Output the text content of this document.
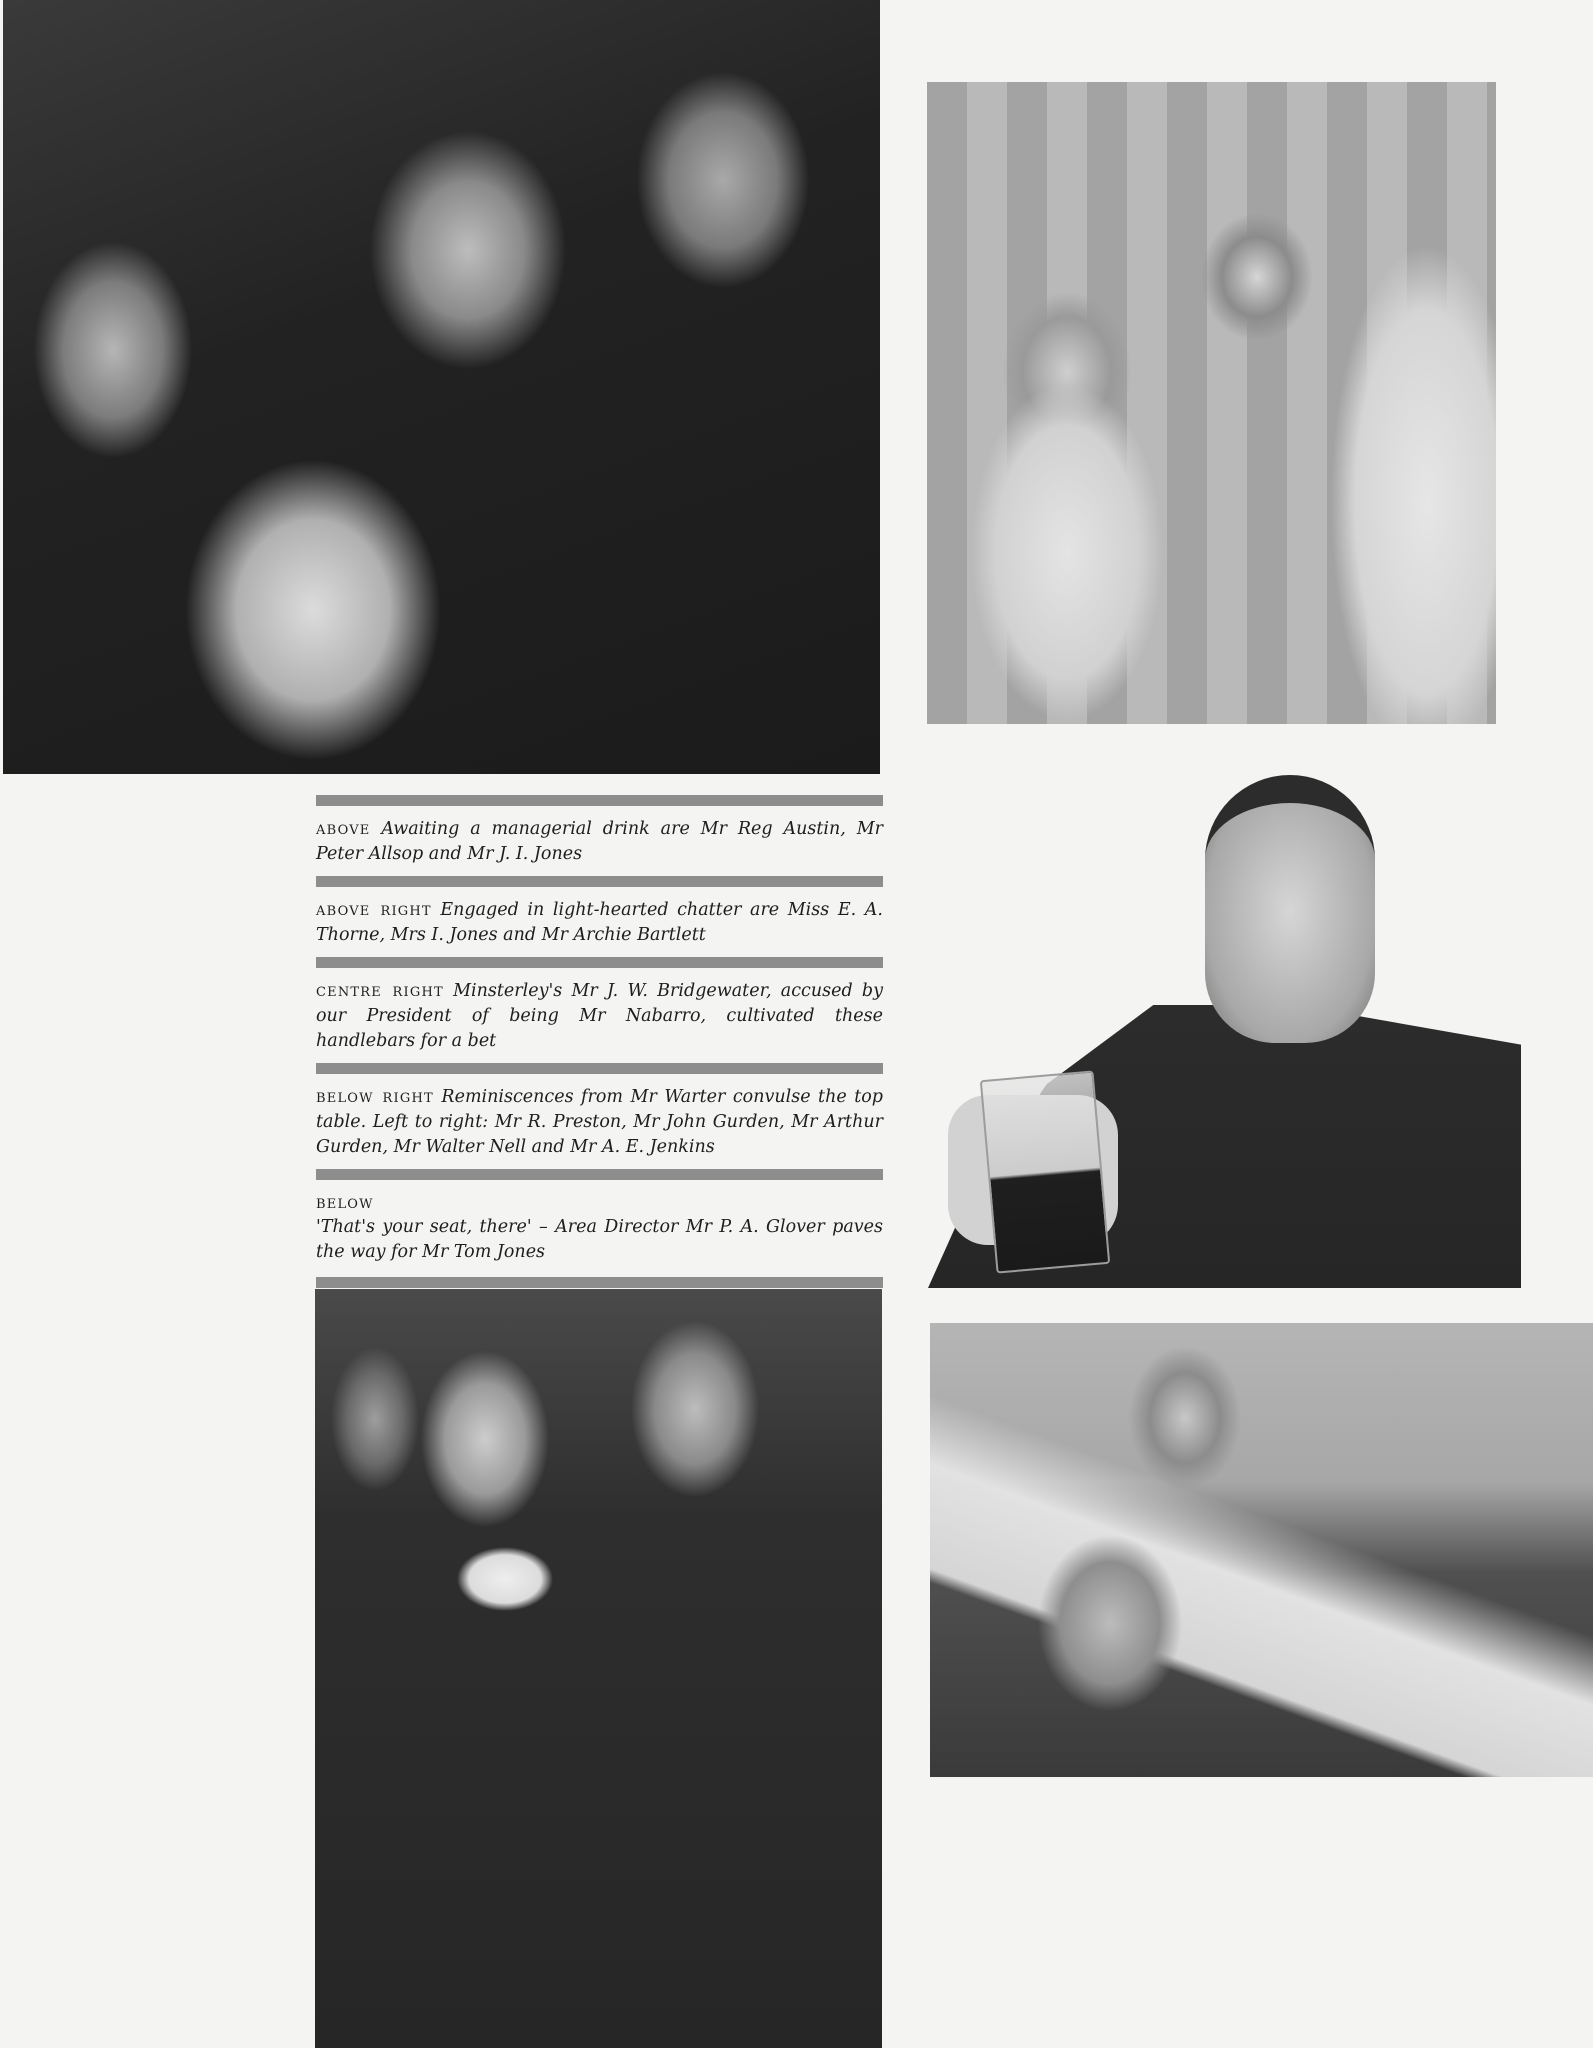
above Awaiting a managerial drink are Mr Reg Austin, Mr Peter Allsop and Mr J. I. Jones
above right Engaged in light-hearted chatter are Miss E. A. Thorne, Mrs I. Jones and Mr Archie Bartlett
centre right Minsterley's Mr J. W. Bridgewater, accused by our President of being Mr Nabarro, cultivated these handlebars for a bet
below right Reminiscences from Mr Warter convulse the top table. Left to right: Mr R. Preston, Mr John Gurden, Mr Arthur Gurden, Mr Walter Nell and Mr A. E. Jenkins
below
'That's your seat, there' – Area Director Mr P. A. Glover paves the way for Mr Tom Jones
